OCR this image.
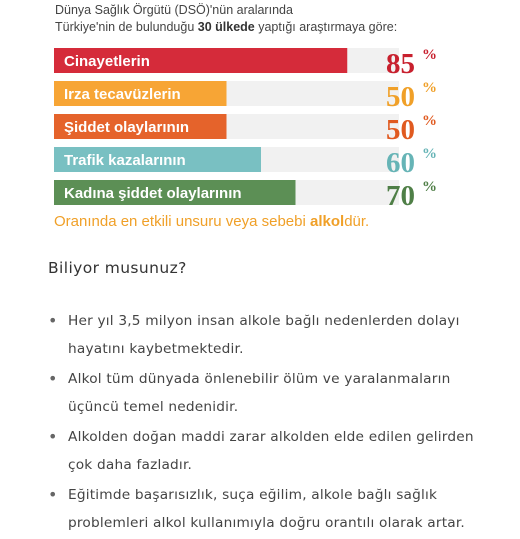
Dünya Sağlık Örgütü (DSÖ)'nün aralarında
Türkiye'nin de bulunduğu 30 ülkede yaptığı araştırmaya göre:
Cinayetlerin	85 %
Irza tecavüzlerin	50 %
Şiddet olaylarının	50 %
Trafik kazalarının	60 %
Kadına şiddet olaylarının	70 %
Oranında en etkili unsuru veya sebebi alkoldür.
Biliyor musunuz?
• Her yıl 3,5 milyon insan alkole bağlı nedenlerden dolayı hayatını kaybetmektedir.
• Alkol tüm dünyada önlenebilir ölüm ve yaralanmaların üçüncü temel nedenidir.
• Alkolden doğan maddi zarar alkolden elde edilen gelirden çok daha fazladır.
• Eğitimde başarısızlık, suça eğilim, alkole bağlı sağlık problemleri alkol kullanımıyla doğru orantılı olarak artar.
